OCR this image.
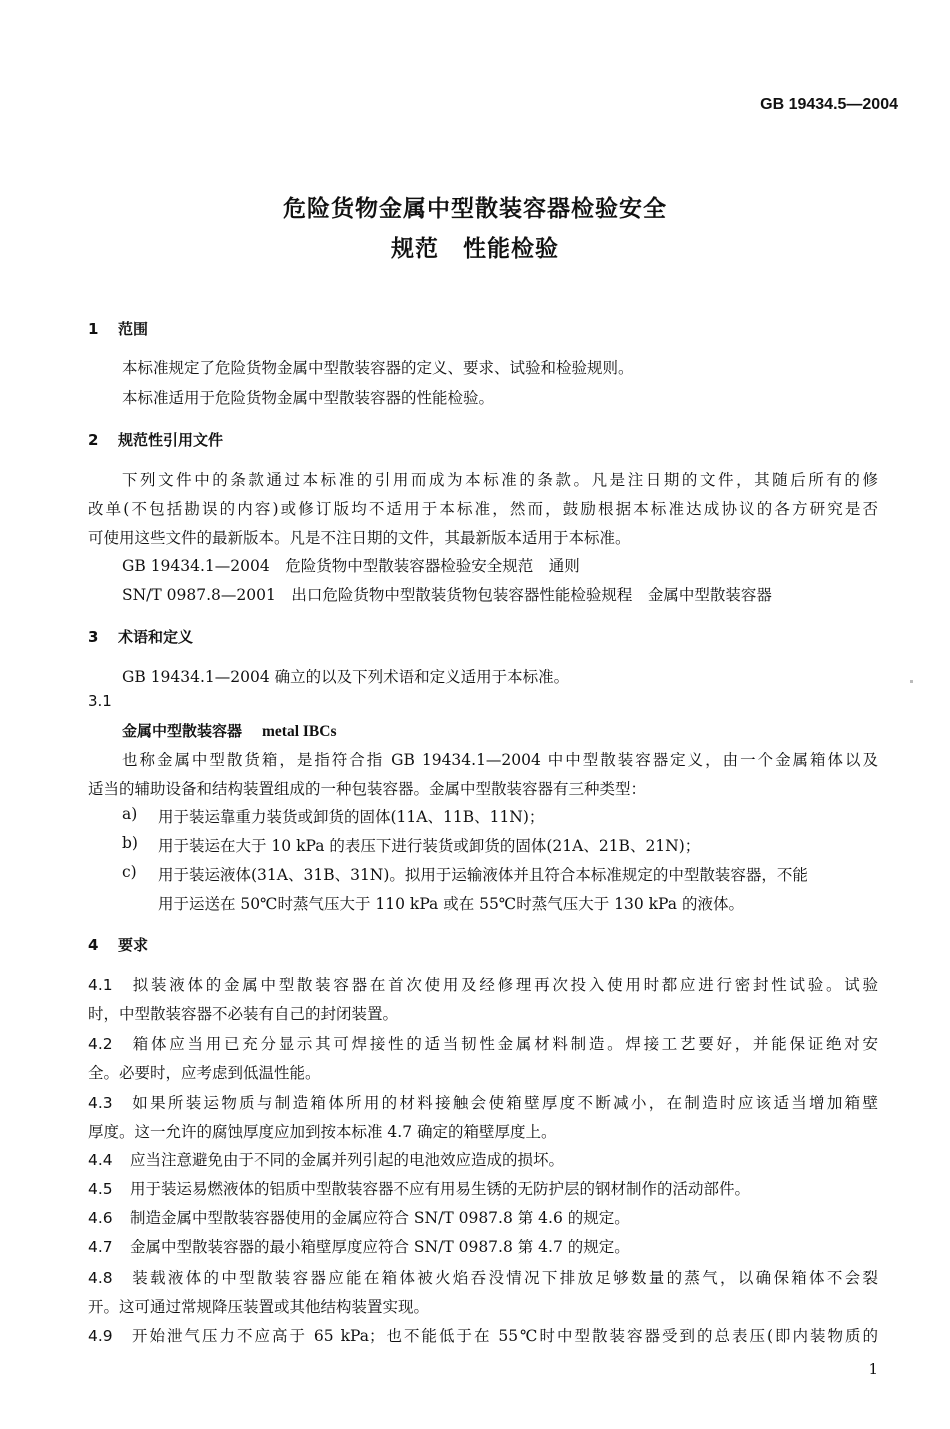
GB 19434.5—2004
危险货物金属中型散装容器检验安全
规范　性能检验
1 范围
本标准规定了危险货物金属中型散装容器的定义、要求、试验和检验规则。
本标准适用于危险货物金属中型散装容器的性能检验。
2 规范性引用文件
下列文件中的条款通过本标准的引用而成为本标准的条款。凡是注日期的文件，其随后所有的修
改单(不包括勘误的内容)或修订版均不适用于本标准，然而，鼓励根据本标准达成协议的各方研究是否
可使用这些文件的最新版本。凡是不注日期的文件，其最新版本适用于本标准。
GB 19434.1—2004　危险货物中型散装容器检验安全规范　通则
SN/T 0987.8—2001　出口危险货物中型散装货物包装容器性能检验规程　金属中型散装容器
3 术语和定义
GB 19434.1—2004 确立的以及下列术语和定义适用于本标准。
3.1
金属中型散装容器 metal IBCs
也称金属中型散货箱，是指符合指 GB 19434.1—2004 中中型散装容器定义，由一个金属箱体以及
适当的辅助设备和结构装置组成的一种包装容器。金属中型散装容器有三种类型：
a) 用于装运靠重力装货或卸货的固体(11A、11B、11N)；
b) 用于装运在大于 10 kPa 的表压下进行装货或卸货的固体(21A、21B、21N)；
c) 用于装运液体(31A、31B、31N)。拟用于运输液体并且符合本标准规定的中型散装容器，不能
用于运送在 50℃时蒸气压大于 110 kPa 或在 55℃时蒸气压大于 130 kPa 的液体。
4 要求
4.1 拟装液体的金属中型散装容器在首次使用及经修理再次投入使用时都应进行密封性试验。试验
时，中型散装容器不必装有自己的封闭装置。
4.2 箱体应当用已充分显示其可焊接性的适当韧性金属材料制造。焊接工艺要好，并能保证绝对安
全。必要时，应考虑到低温性能。
4.3 如果所装运物质与制造箱体所用的材料接触会使箱壁厚度不断减小，在制造时应该适当增加箱壁
厚度。这一允许的腐蚀厚度应加到按本标准 4.7 确定的箱壁厚度上。
4.4 应当注意避免由于不同的金属并列引起的电池效应造成的损坏。
4.5 用于装运易燃液体的铝质中型散装容器不应有用易生锈的无防护层的钢材制作的活动部件。
4.6 制造金属中型散装容器使用的金属应符合 SN/T 0987.8 第 4.6 的规定。
4.7 金属中型散装容器的最小箱壁厚度应符合 SN/T 0987.8 第 4.7 的规定。
4.8 装载液体的中型散装容器应能在箱体被火焰吞没情况下排放足够数量的蒸气，以确保箱体不会裂
开。这可通过常规降压装置或其他结构装置实现。
4.9 开始泄气压力不应高于 65 kPa；也不能低于在 55℃时中型散装容器受到的总表压(即内装物质的
1
